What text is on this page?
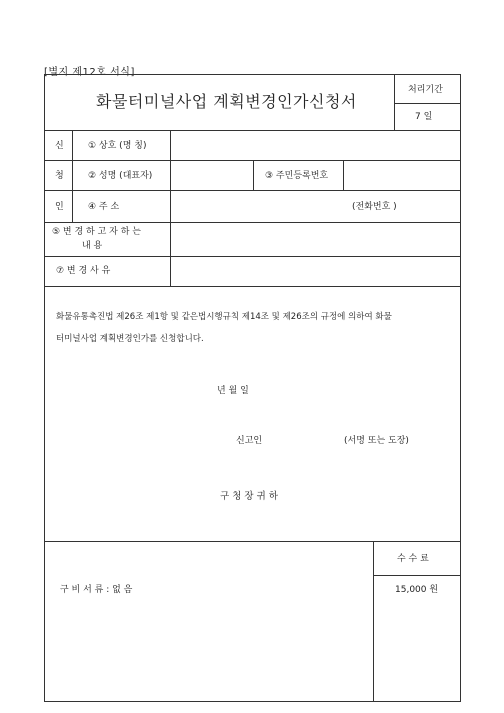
[별지 제12호 서식]
화물터미널사업 계획변경인가신청서
처리기간
7 일
신
청
인
① 상호 (명 칭)
② 성명 (대표자)	③ 주민등록번호
④ 주 소	(전화번호 )
⑤ 변 경 하 고 자 하 는
내 용
⑦ 변 경 사 유
화물유통촉진법 제26조 제1항 및 같은법시행규칙 제14조 및 제26조의 규정에 의하여 화물
터미널사업 계획변경인가를 신청합니다.
년 월 일
신고인	(서명 또는 도장)
구 청 장 귀 하
구 비 서 류 : 없 음
수 수 료
15,000 원
